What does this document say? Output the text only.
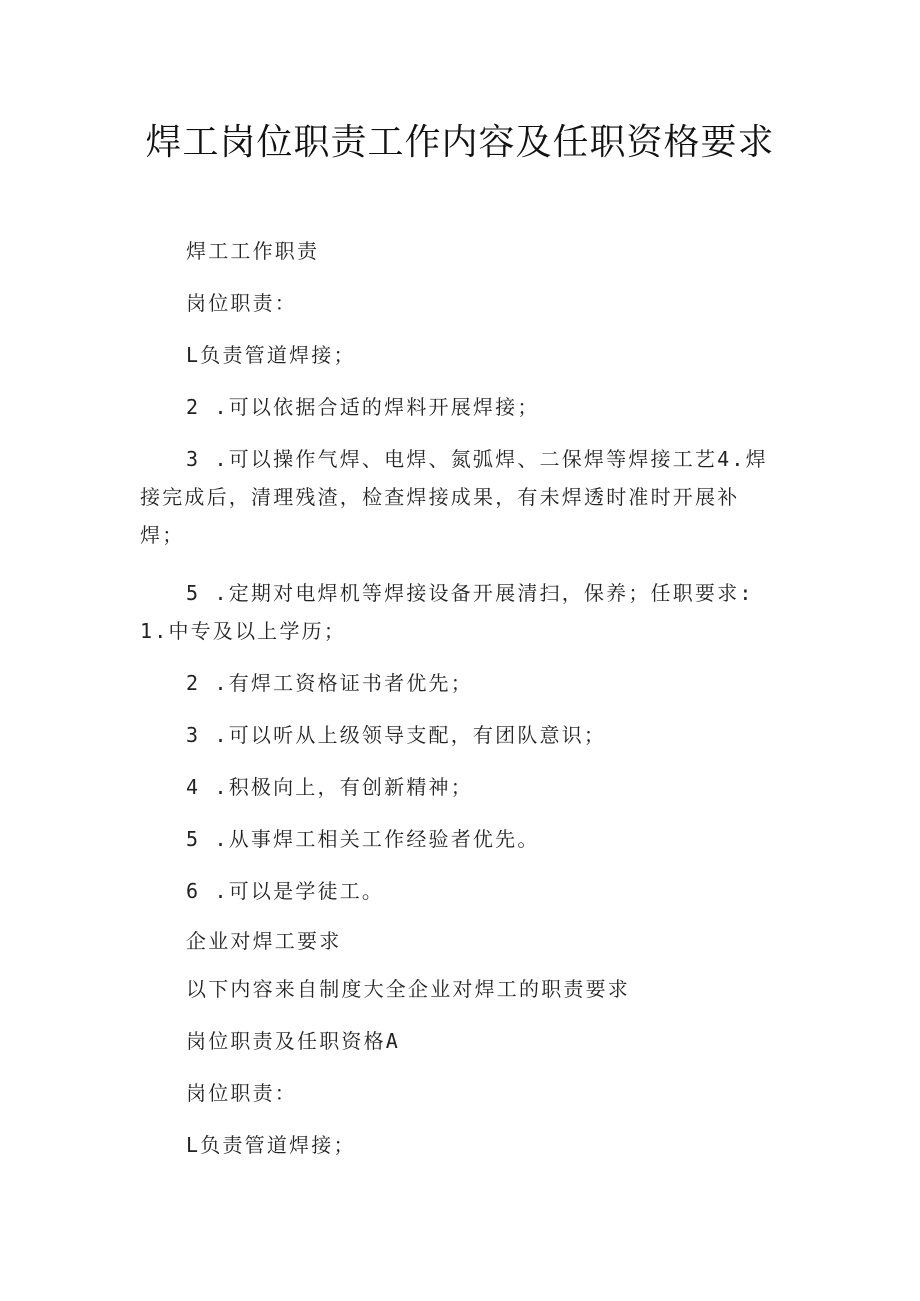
焊工岗位职责工作内容及任职资格要求

焊工工作职责

岗位职责：

L负责管道焊接；

2 .可以依据合适的焊料开展焊接；

3 .可以操作气焊、电焊、氮弧焊、二保焊等焊接工艺4.焊接完成后，清理残渣，检查焊接成果，有未焊透时准时开展补焊；

5 .定期对电焊机等焊接设备开展清扫，保养；任职要求:1.中专及以上学历；

2 .有焊工资格证书者优先；

3 .可以听从上级领导支配，有团队意识；

4 .积极向上，有创新精神；

5 .从事焊工相关工作经验者优先。

6 .可以是学徒工。

企业对焊工要求

以下内容来自制度大全企业对焊工的职责要求

岗位职责及任职资格A

岗位职责：

L负责管道焊接；
